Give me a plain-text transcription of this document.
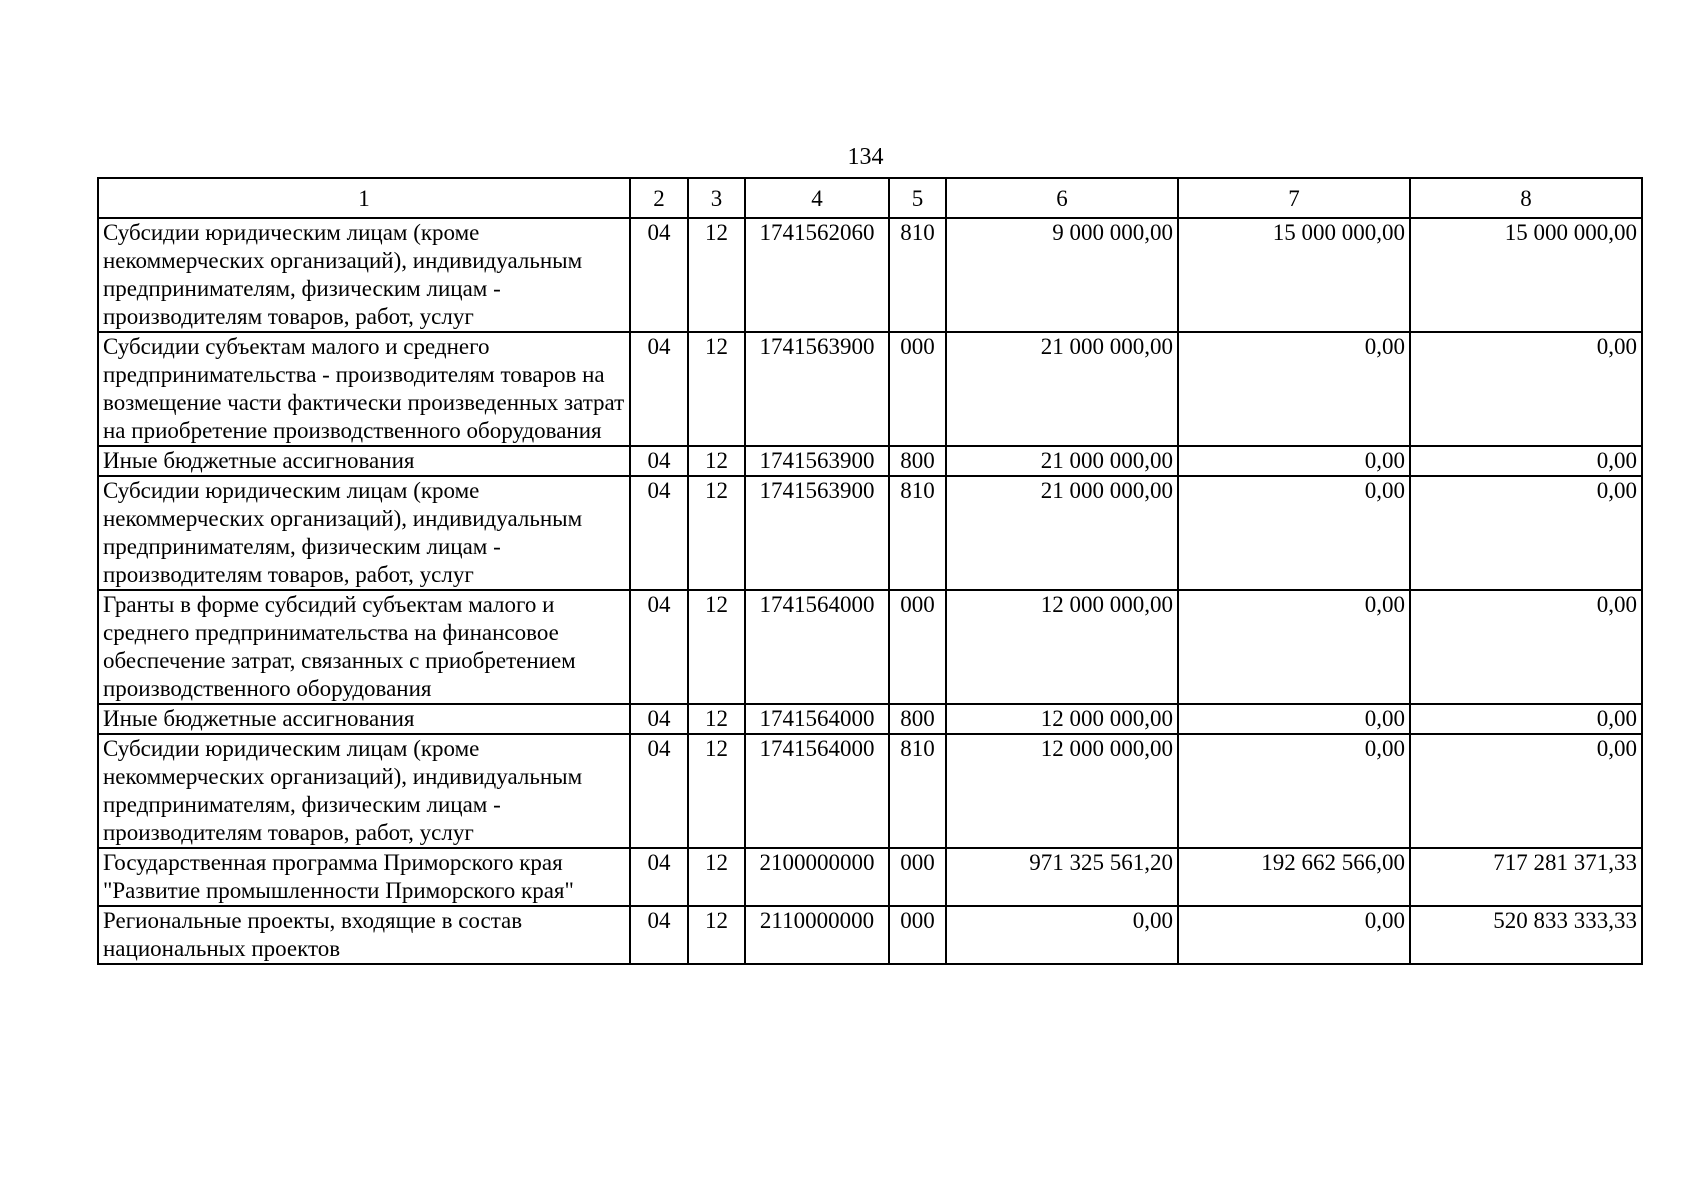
134
1	2	3	4	5	6	7	8
Субсидии юридическим лицам (кроме некоммерческих организаций), индивидуальным предпринимателям, физическим лицам - производителям товаров, работ, услуг	04	12	1741562060	810	9 000 000,00	15 000 000,00	15 000 000,00
Субсидии субъектам малого и среднего предпринимательства - производителям товаров на возмещение части фактически произведенных затрат на приобретение производственного оборудования	04	12	1741563900	000	21 000 000,00	0,00	0,00
Иные бюджетные ассигнования	04	12	1741563900	800	21 000 000,00	0,00	0,00
Субсидии юридическим лицам (кроме некоммерческих организаций), индивидуальным предпринимателям, физическим лицам - производителям товаров, работ, услуг	04	12	1741563900	810	21 000 000,00	0,00	0,00
Гранты в форме субсидий субъектам малого и среднего предпринимательства на финансовое обеспечение затрат, связанных с приобретением производственного оборудования	04	12	1741564000	000	12 000 000,00	0,00	0,00
Иные бюджетные ассигнования	04	12	1741564000	800	12 000 000,00	0,00	0,00
Субсидии юридическим лицам (кроме некоммерческих организаций), индивидуальным предпринимателям, физическим лицам - производителям товаров, работ, услуг	04	12	1741564000	810	12 000 000,00	0,00	0,00
Государственная программа Приморского края "Развитие промышленности Приморского края"	04	12	2100000000	000	971 325 561,20	192 662 566,00	717 281 371,33
Региональные проекты, входящие в состав национальных проектов	04	12	2110000000	000	0,00	0,00	520 833 333,33
